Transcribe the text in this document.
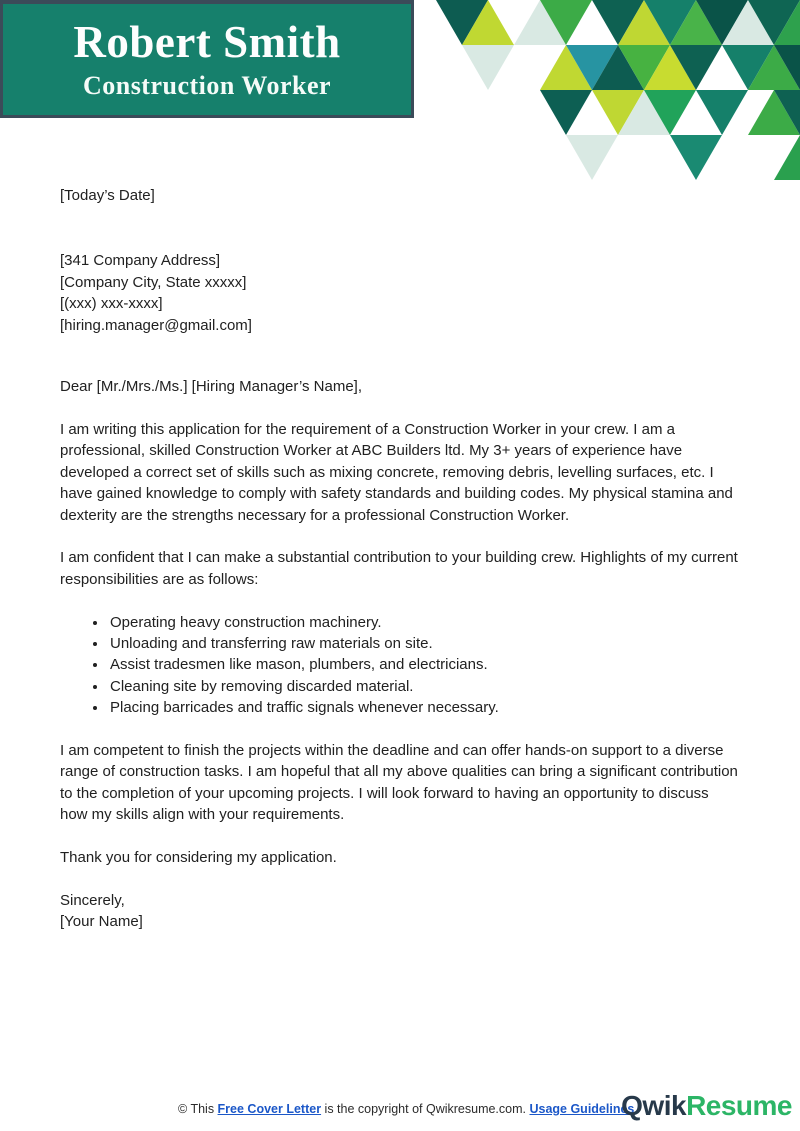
Robert Smith
Construction Worker

[Today’s Date]

[341 Company Address]

[Company City, State xxxxx]

[(xxx) xxx-xxxx]

[hiring.manager@gmail.com]

Dear [Mr./Mrs./Ms.] [Hiring Manager’s Name],

I am writing this application for the requirement of a Construction Worker in your crew. I am a professional, skilled Construction Worker at ABC Builders ltd. My 3+ years of experience have developed a correct set of skills such as mixing concrete, removing debris, levelling surfaces, etc. I have gained knowledge to comply with safety standards and building codes. My physical stamina and dexterity are the strengths necessary for a professional Construction Worker.

I am confident that I can make a substantial contribution to your building crew. Highlights of my current responsibilities are as follows:

• Operating heavy construction machinery.
• Unloading and transferring raw materials on site.
• Assist tradesmen like mason, plumbers, and electricians.
• Cleaning site by removing discarded material.
• Placing barricades and traffic signals whenever necessary.

I am competent to finish the projects within the deadline and can offer hands-on support to a diverse range of construction tasks. I am hopeful that all my above qualities can bring a significant contribution to the completion of your upcoming projects. I will look forward to having an opportunity to discuss how my skills align with your requirements.

Thank you for considering my application.

Sincerely,

[Your Name]

© This Free Cover Letter is the copyright of Qwikresume.com. Usage Guidelines
QwikResume
